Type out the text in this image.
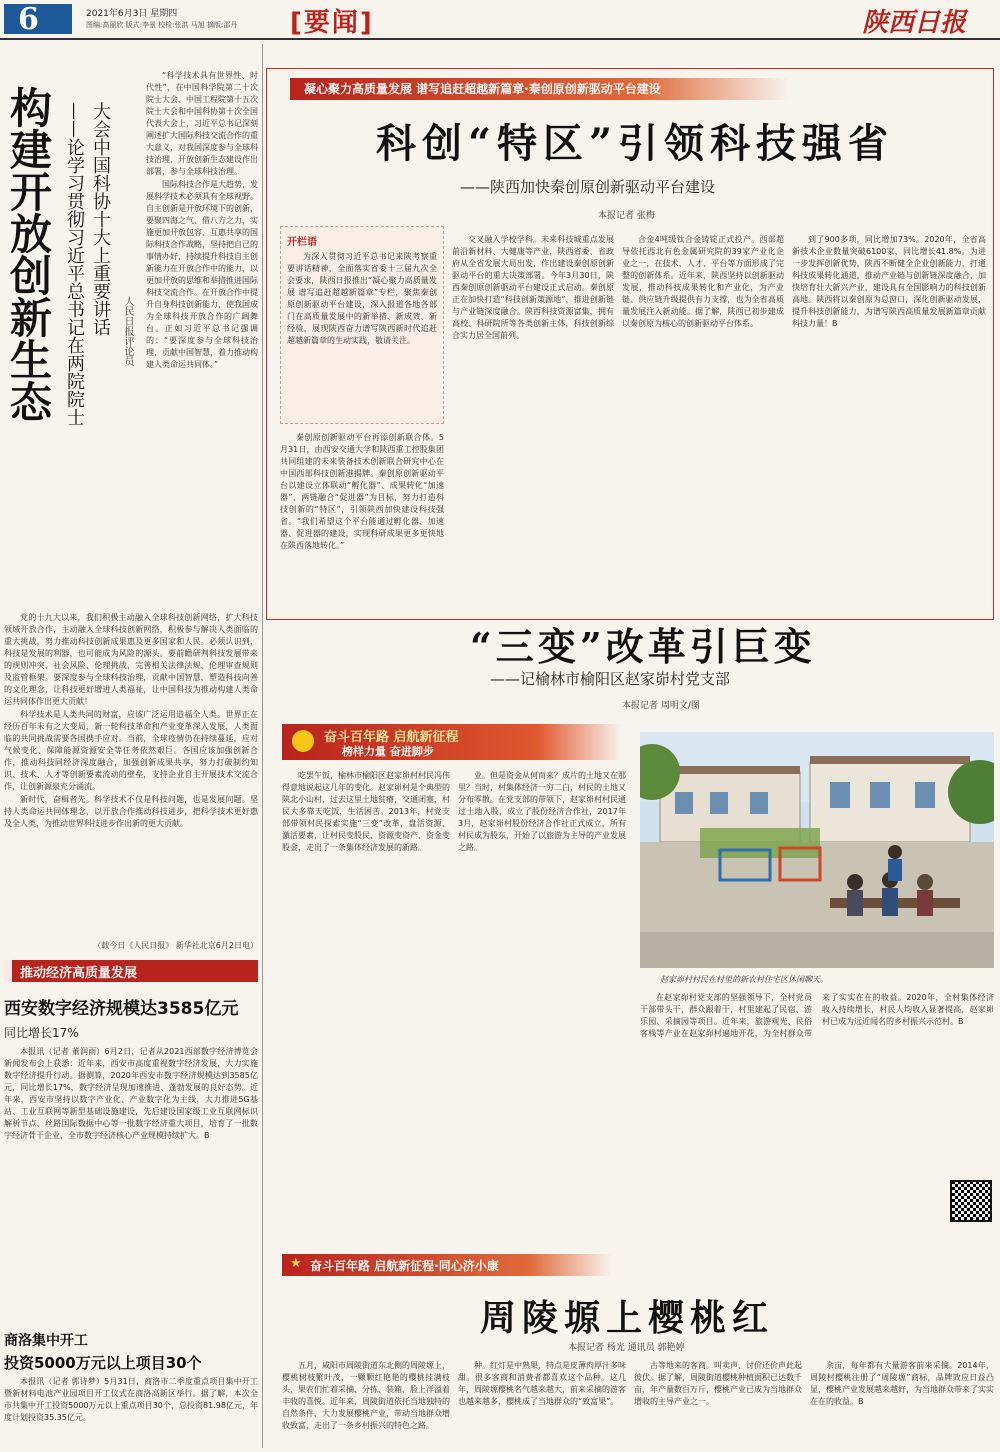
6	2021年6月3日 星期四
图编:高丽欣 版式:李景 校检:张洪 马旭 摘版:邵丹 [要闻]	陕西日报
构建开放创新生态 大会中国科协十大上重要讲话
——论学习贯彻习近平总书记在两院院士	人民日报评论员

“科学技术具有世界性、时代性”，在中国科学院第二十次院士大会、中国工程院第十五次院士大会和中国科协第十次全国代表大会上，习近平总书记深刻阐述扩大国际科技交流合作的重大意义，对我国深度参与全球科技治理，开放创新生态建设作出部署，参与全球科技治理。

国际科技合作是大趋势，发展科学技术必须具有全球视野。自主创新是开放环境下的创新，要聚四海之气、借八方之力，实施更加开放包容、互惠共享的国际科技合作战略，坚持把自己的事情办好，持续提升科技自主创新能力在开放合作中的能力，以更加开放的思维和举措推进国际科技交流合作。在开放合作中提升自身科技创新能力，使我国成为全球科技开放合作的广阔舞台。正如习近平总书记强调的：“要深度参与全球科技治理，贡献中国智慧，着力推动构建人类命运共同体。”

党的十九大以来，我们积极主动融入全球科技创新网络，扩大科技领域开放合作，主动融入全球科技创新网络，积极参与解决人类面临的重大挑战，努力推动科技创新成果惠及更多国家和人民。必须认识到，科技是发展的利器，也可能成为风险的源头。要前瞻研判科技发展带来的规则冲突、社会风险、伦理挑战，完善相关法律法规、伦理审查规则及监管框架。要深度参与全球科技治理，贡献中国智慧，塑造科技向善的文化理念，让科技更好增进人类福祉，让中国科技为推动构建人类命运共同体作出更大贡献！

科学技术是人类共同的财富，应该广泛运用造福全人类。世界正在经历百年未有之大变局，新一轮科技革命和产业变革深入发展，人类面临的共同挑战需要各国携手应对。当前，全球疫情仍在持续蔓延，应对气候变化、保障能源资源安全等任务依然艰巨。各国应该加强创新合作，推动科技同经济深度融合，加强创新成果共享，努力打破制约知识、技术、人才等创新要素流动的壁垒，支持企业自主开展技术交流合作，让创新源泉充分涌流。

新时代，奋楫者先。科学技术不仅是科技问题，也是发展问题。坚持人类命运共同体理念，以开放合作推动科技进步，把科学技术更好惠及全人类，为推动世界科技进步作出新的更大贡献。

（载今日《人民日报》 新华社北京6月2日电）
推动经济高质量发展
西安数字经济规模达3585亿元
同比增长17%

本报讯（记者 董润雨）6月2日，记者从2021西部数字经济博览会新闻发布会上获悉：近年来，西安市高度重视数字经济发展，大力实施数字经济提升行动。据测算，2020年西安市数字经济规模达到3585亿元，同比增长17%，数字经济呈现加速推进、蓬勃发展的良好态势。近年来，西安市坚持以数字产业化、产业数字化为主线，大力推进5G基站、工业互联网等新型基础设施建设，先后建设国家级工业互联网标识解析节点、丝路国际数据中心等一批数字经济重大项目，培育了一批数字经济骨干企业，全市数字经济核心产业规模持续扩大。B

商洛集中开工
投资5000万元以上项目30个

本报讯（记者 郭诗梦）5月31日，商洛市二季度重点项目集中开工暨新材料电池产业园项目开工仪式在商洛高新区举行。据了解，本次全市共集中开工投资5000万元以上重点项目30个，总投资81.98亿元，年度计划投资35.35亿元。

凝心聚力高质量发展 谱写追赶超越新篇章·秦创原创新驱动平台建设
科创“特区”引领科技强省
——陕西加快秦创原创新驱动平台建设
本报记者 张梅
开栏语
为深入贯彻习近平总书记来陕考察重要讲话精神，全面落实省委十三届九次全会要求，陕西日报推出“凝心聚力高质量发展 谱写追赶超越新篇章”专栏，聚焦秦创原创新驱动平台建设，深入报道各地各部门在高质量发展中的新举措、新成效、新经验，展现陕西奋力谱写陕西新时代追赶超越新篇章的生动实践，敬请关注。

秦创原创新驱动平台再添创新联合体。5月31日，由西安交通大学和陕西重工控股集团共同组建的未来装备技术创新联合研究中心在中国西部科技创新港揭牌。秦创原创新驱动平台以建设立体联动“孵化器”、成果转化“加速器”、两链融合“促进器”为目标，努力打造科技创新的“特区”，引领陕西加快建设科技强省。“我们希望这个平台能通过孵化器、加速器、促进器的建设，实现科研成果更多更快地在陕西落地转化。”

交叉融入学校学科。未来科技城重点发展前沿新材料、大健康等产业，陕西省委、省政府从全省发展大局出发，作出建设秦创原创新驱动平台的重大决策部署。今年3月30日，陕西秦创原创新驱动平台建设正式启动。秦创原正在加快打造“科技创新策源地”，推进创新链与产业链深度融合。陕西科技资源富集，拥有高校、科研院所等各类创新主体，科技创新综合实力居全国前列。

合金4吨级钛合金铸锭正式投产。西部超导依托西北有色金属研究院的39家产业化企业之一，在技术、人才、平台等方面形成了完整的创新体系。近年来，陕西坚持以创新驱动发展，推动科技成果转化和产业化，为产业链、供应链升级提供有力支撑，也为全省高质量发展注入新动能。据了解，陕西已初步建成以秦创原为核心的创新驱动平台体系。

到了900多项，同比增加73%。2020年，全省高新技术企业数量突破6100家，同比增长41.8%。为进一步发挥创新优势，陕西不断健全企业创新能力，打通科技成果转化通道，推动产业链与创新链深度融合，加快培育壮大新兴产业，建设具有全国影响力的科技创新高地。陕西将以秦创原为总窗口，深化创新驱动发展，提升科技创新能力，为谱写陕西高质量发展新篇章贡献科技力量！B

“三变”改革引巨变
——记榆林市榆阳区赵家峁村党支部
本报记者 周明文/图
奋斗百年路 启航新征程
榜样力量 奋进脚步

吃罢午饭，榆林市榆阳区赵家峁村村民冯伟得意地说起这几年的变化。赵家峁村是个典型的陕北小山村，过去这里土地贫瘠，交通闭塞，村民大多靠天吃饭，生活困苦。2013年，村党支部带领村民探索实施“三变”改革，盘活资源、激活要素，让村民变股民、资源变资产、资金变股金，走出了一条集体经济发展的新路。

业。但是资金从何而来？成片的土地又在那里？当时，村集体经济一穷二白，村民的土地又分布零散。在党支部的带领下，赵家峁村村民通过土地入股，成立了股份经济合作社，2017年3月，赵家峁村股份经济合作社正式成立，所有村民成为股东，开始了以旅游为主导的产业发展之路。

赵家峁村村民在村里的新农村住宅区休闲聊天。

在赵家峁村党支部的坚强领导下，全村党员干部带头干，群众跟着干，村里建起了民宿、游乐园、采摘园等项目。近年来，旅游观光、民俗客栈等产业在赵家峁村遍地开花，为全村群众带来了实实在在的收益。2020年，全村集体经济收入持续增长，村民人均收入显著提高，赵家峁村已成为远近闻名的乡村振兴示范村。B

★ 奋斗百年路 启航新征程·同心济小康
周陵塬上樱桃红
本报记者 杨光 通讯员 郭艳婷

五月，咸阳市周陵街道东北侧的周陵塬上，樱桃树枝繁叶茂，一颗颗红艳艳的樱桃挂满枝头，果农们忙着采摘、分拣、装箱，脸上洋溢着丰收的喜悦。近年来，周陵街道依托当地独特的自然条件，大力发展樱桃产业，带动当地群众增收致富，走出了一条乡村振兴的特色之路。

种。红灯是中熟果，特点是皮薄肉厚汁多味甜。很多客商和消费者都喜欢这个品种。这几年，周陵塬樱桃名气越来越大，前来采摘的游客也越来越多，樱桃成了当地群众的“致富果”。

古等地来的客商。叫卖声、讨价还价声此起彼伏。据了解，周陵街道樱桃种植面积已达数千亩，年产量数百万斤，樱桃产业已成为当地群众增收的主导产业之一。

余亩，每年都有大量游客前来采摘。2014年，周陵村樱桃注册了“周陵塬”商标，品牌效应日益凸显，樱桃产业发展越来越好，为当地群众带来了实实在在的收益。B
